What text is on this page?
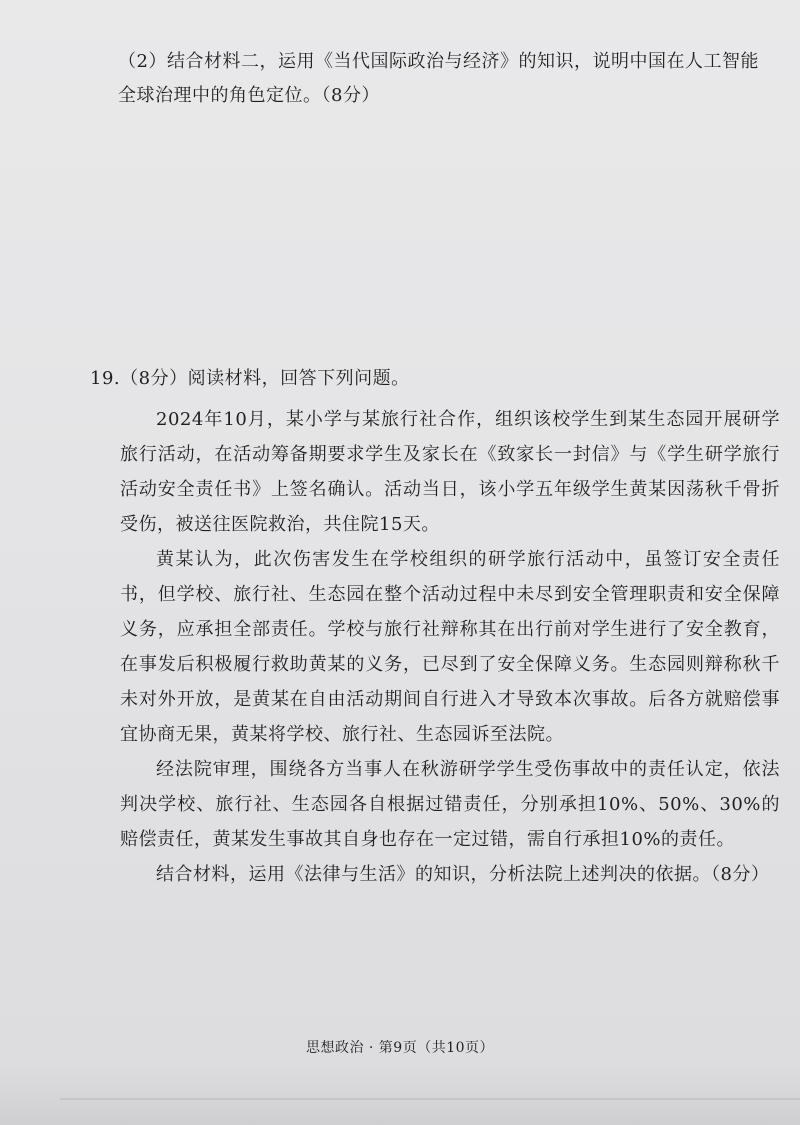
（2）结合材料二，运用《当代国际政治与经济》的知识，说明中国在人工智能全球治理中的角色定位。（8分）
19.（8分）阅读材料，回答下列问题。
2024年10月，某小学与某旅行社合作，组织该校学生到某生态园开展研学旅行活动，在活动筹备期要求学生及家长在《致家长一封信》与《学生研学旅行活动安全责任书》上签名确认。活动当日，该小学五年级学生黄某因荡秋千骨折受伤，被送往医院救治，共住院15天。
黄某认为，此次伤害发生在学校组织的研学旅行活动中，虽签订安全责任书，但学校、旅行社、生态园在整个活动过程中未尽到安全管理职责和安全保障义务，应承担全部责任。学校与旅行社辩称其在出行前对学生进行了安全教育，在事发后积极履行救助黄某的义务，已尽到了安全保障义务。生态园则辩称秋千未对外开放，是黄某在自由活动期间自行进入才导致本次事故。后各方就赔偿事宜协商无果，黄某将学校、旅行社、生态园诉至法院。
经法院审理，围绕各方当事人在秋游研学学生受伤事故中的责任认定，依法判决学校、旅行社、生态园各自根据过错责任，分别承担10%、50%、30%的赔偿责任，黄某发生事故其自身也存在一定过错，需自行承担10%的责任。
结合材料，运用《法律与生活》的知识，分析法院上述判决的依据。（8分）
思想政治 · 第9页（共10页）
